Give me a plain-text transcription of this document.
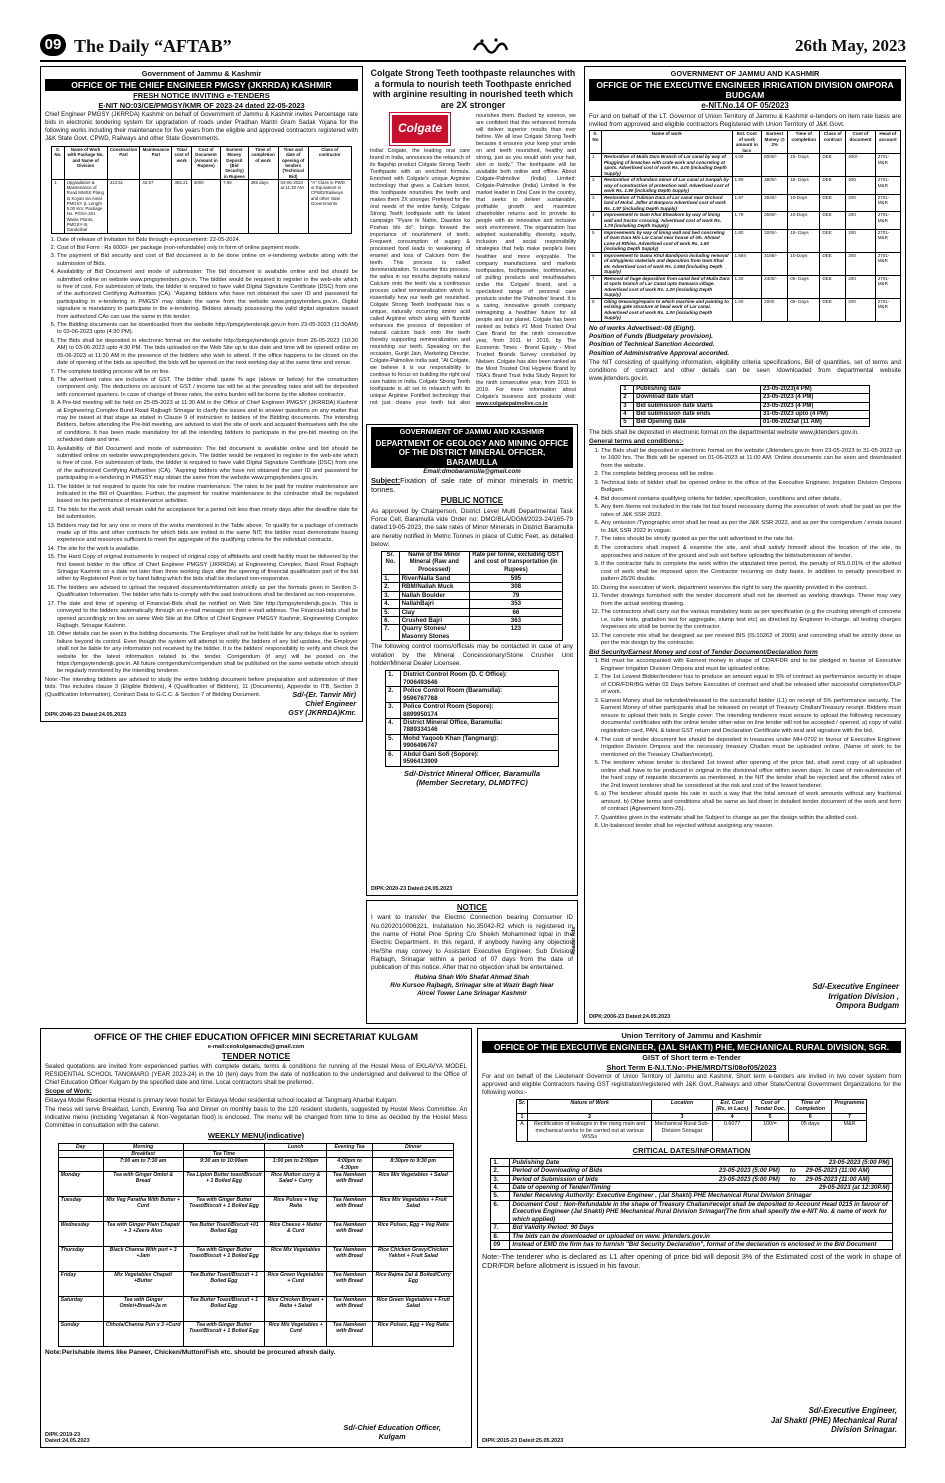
09 The Daily “AFTAB”	26th May, 2023
Government of Jammu & Kashmir
OFFICE OF THE CHIEF ENGINEER PMGSY (JKRRDA) KASHMIR
FRESH NOTICE INVITING e-TENDERS
E-NIT NO:03/CE/PMGSY/KMR OF 2023-24 dated 22-05-2023

Chief Engineer PMGSY (JKRRDA) Kashmir on behalf of Government of Jammu & Kashmir invites Percentage rate bids in electronic tendering system for upgradation of roads under Pradhan Mantri Gram Sadak Yojana for the following works including their maintenance for five years from the eligible and approved contractors registered with J&K State Govt. CPWD, Railways and other State Governments.

S. No.	Name of Work with Package No. and Name of Division	Construction Part	Maintenance Part	Total cost of work	Cost of Document (Amount in Rupees)	Earnest Money Deposit (Bid Security) in Rupees	Time of completion of work	Time and date of opening of tenders (Technical Bid)	Class of contractor
1	Upgradation & Maintenance of Road MMSS Plang to Koyan via Amal PMGSY (L Length 5.00 Km; Package No. PGSA-401 Waste Plants, PMGSY-III, Ganderbal	313.51	42.67	356.21	6000	7.96	365 days	03-06-2023 at 11:30 AM	“A” Class in PWD or Equivalent in CPWD/Railways and other state Governments
1. Date of release of Invitation for Bids through e-procurement: 22-05-2024.
2. Cost of Bid Form : Rs 6000/- per package (non-refundable) only in form of online payment mode.
3. The payment of Bid security and cost of Bid document is to be done online on e-tendering website along with the submission of Bids.
4. Availability of Bid Document and mode of submission: The bid document is available online and bid should be submitted online on website www.pmgsytenders.gov.in. The bidder would be required to register in the web-site which is free of cost. For submission of bids, the bidder is required to have valid Digital Signature Certificate (DSC) from one of the authorized Certifying Authorities (CA). “Aspiring bidders who have not obtained the user ID and password for participating in e-tendering in PMGSY may obtain the same from the website www.pmgsytenders.gov.in. Digital signature is mandatory to participate in the e-tendering. Bidders already possessing the valid digital signature issued from authorized CAs can use the same in this tender.
5. The Bidding documents can be downloaded from the website http://pmgsytendersjk.gov.in from 23-05-2023 (11:30AM) to 03-06-2023 upto (4:30 PM).
6. The Bids shall be deposited in electronic format on the website http://pmgsytendersjk.gov.in from 26-05-2023 (10:30 AM) to 03-06-2023 upto 4:30 PM. The bids uploaded on the Web Site up to due date and time will be opened online on 05-06-2023 at 11:30 AM in the presence of the bidders who wish to attend. If the office happens to be closed on the date of opening of the bids as specified, the bids will be opened on the next working day at the same time and venue.
7. The complete bidding process will be on line.
8. The advertised rates are inclusive of GST. The bidder shall quote % age (above or below) for the construction component only. The deductions on account of GST / income tax will be at the prevailing rates and will be deposited with concerned quarters. In case of change of these rates, the extra burden will be borne by the allottee contractor.
9. A Pre-bid meeting will be held on 25-05-2023 at 11:30 AM in the Office of Chief Engineer PMGSY (JKRRDA) Kashmir at Engineering Complex Bund Road Rajbagh Srinagar to clarify the issues and to answer questions on any matter that may be raised at that stage as stated in Clause 9 of instruction to bidders of the Bidding documents. The intending Bidders, before attending the Pre-bid meeting, are advised to visit the site of work and acquaint themselves with the site of conditions. It has been made mandatory for all the intending bidders to participate in the pre-bid meeting on the scheduled date and time.
10. Availability of Bid Document and mode of submission: The bid document is available online and bid should be submitted online on website www.pmgsytenders.gov.in. The bidder would be required to register in the web-site which is free of cost. For submission of bids, the bidder is required to have valid Digital Signature Certificate (DSC) from one of the authorized Certifying Authorities (CA). “Aspiring bidders who have not obtained the user ID and password for participating in e-tendering in PMGSY may obtain the same from the website www.pmgsytenders.gov.in.
11. The bidder is not required to quote his rate for routine maintenance. The rates to be paid for routine maintenance are indicated in the Bill of Quantities. Further, the payment for routine maintenance to the contractor shall be regulated based on his performance of maintenance activities.
12. The bids for the work shall remain valid for acceptance for a period not less than ninety days after the deadline date for bid submission.
13. Bidders may bid for any one or more of the works mentioned in the Table above. To qualify for a package of contracts made up of this and other contracts for which bids are invited in the same NIT, the bidder must demonstrate having experience and resources sufficient to meet the aggregate of the qualifying criteria for the individual contracts.
14. The site for the work is available.
15. The Hard Copy of original instruments in respect of original copy of affidavits and credit facility must be delivered by the first lowest bidder in the office of Chief Engineer PMGSY (JKRRDA) at Engineering Complex, Bund Road Rajbagh Srinagar Kashmir on a date not later than three working days after the opening of financial qualification part of the bid either by Registered Post or by hand failing which the bids shall be declared non-responsive.
16. The bidders are advised to upload the required documents/information strictly as per the formats given in Section 3-Qualification Information. The bidder who fails to comply with the said instructions shall be declared as non-responsive.
17. The date and time of opening of Financial-Bids shall be notified on Web Site http://pmgsytendersjk.gov.in. This is conveyed to the bidders automatically through an e-mail message on their e-mail address. The Financial-bids shall be opened accordingly on line on same Web Site at the Office of Chief Engineer PMGSY Kashmir, Engineering Complex Rajbagh, Srinagar Kashmir.
18. Other details can be seen in the bidding documents. The Employer shall not be held liable for any delays due to system failure beyond its control. Even though the system will attempt to notify the bidders of any bid updates, the Employer shall not be liable for any information not received by the bidder. It is the bidders' responsibility to verify and check the website for the latest information related to the tender. Corrigendum (if any) will be posted on the https://pmgsytendersjk.gov.in. All future corrigendum/corrigendum shall be published on the same website which should be regularly monitored by the intending tenderer.

Note:-The intending bidders are advised to study the entire bidding document before preparation and submission of their bids. This includes clause 3 (Eligible Bidders), 4 (Qualification of Bidders), 11 (Documents), Appendix to ITB, Section 3 (Qualification Information), Contract Data to G.C.C. & Section 7 of Bidding Document.	Sd/-(Er. Tanvir Mir)
Chief Engineer
GSY (JKRRDA)Kmr.
DIPK:2046-23 Dated:24.05.2023
Colgate Strong Teeth toothpaste relaunches with a formula to nourish teeth Toothpaste enriched with arginine resulting in nourished teeth which are 2X stronger
Colgate
India/ Colgate, the leading oral care brand in India, announces the relaunch of its flagship product Colgate Strong Teeth Toothpaste with an enriched formula. Enriched with Colgate's unique Arginine technology that gives a Calcium boost, this toothpaste nourishes the teeth and makes them 2X stronger. Prefered for the oral needs of the entire family, Colgate Strong Teeth toothpaste with its latest campaign "Pyare hi Nahin, Daanton ko Poshan bhi do", brings forward the importance of nourishment of teeth. Frequent consumption of sugary & processed food leads to weakening of enamel and loss of Calcium from the teeth. This process is called demineralization. To counter this process, the saliva in our mouths deposits natural Calcium onto the teeth via a continuous process called remineralization which is essentially how our teeth get nourished. Colgate Strong Teeth toothpaste has a unique, naturally occurring amino acid called Arginine which along with fluoride enhances the process of deposition of natural calcium back onto the teeth thereby supporting remineralization and nourishing our teeth. Speaking on the occasion, Gunjit Jain, Marketing Director, Colgate-Palmolive India said, "At Colgate, we believe it is our responsibility to continue to focus on building the right oral care habits in India. Colgate Strong Teeth toothpaste is all set to relaunch with its unique Arginine Fortified technology that not just cleans your teeth but also nourishes them. Backed by science, we are confident that this enhanced formula will deliver superior results than ever before. We all love Colgate Strong Teeth because it ensures your keep your smile on and teeth nourished, healthy and strong, just as you would wish your hair, skin or body." The toothpaste will be available both online and offline. About Colgate-Palmolive (India) Limited: Colgate-Palmolive (India) Limited is the market leader in Oral Care in the country, that seeks to deliver sustainable, profitable growth and maximize shareholder returns and to provide its people with an innovative and inclusive work environment. The organization has adopted sustainability, diversity, equity, inclusion and social responsibility strategies that help make people's lives healthier and more enjoyable. The company manufactures and markets toothpastes, toothpowder, toothbrushes, oil pulling products and mouthwashes under the 'Colgate' brand, and a specialized range of personal care products under the 'Palmolive' brand. It is a caring, innovative growth company reimagining a healthier future for all people and our planet. Colgate has been ranked as India's #1 Most Trusted Oral Care Brand for the ninth consecutive year, from 2011 to 2019, by The Economic Times - Brand Equity - Most Trusted Brands Survey conducted by Nielsen. Colgate has also been ranked as the Most Trusted Oral Hygiene Brand by TRA's Brand Trust India Study Report for the ninth consecutive year, from 2011 to 2019. For more information about Colgate's business and products visit: www.colgatepalmolive.co.in
GOVERNMENT OF JAMMU AND KASHMIR
DEPARTMENT OF GEOLOGY AND MINING OFFICE OF THE DISTRICT MINERAL OFFICER, BARAMULLA
Email:dmobaramulla@gmail.com

Subject:Fixation of sale rate of minor minerals in metric tonnes.

PUBLIC NOTICE

As approved by Chairperson, District Level Multi Departmental Task Force Cell, Baramulla vide Order no: DMO/BLA/DGM/2023-24/165-79 dated:19-05-2023, the sale rates of Minor Minerals in District Baramulla are hereby notified in Metric Tonnes in place of Cubic Feet, as detailed below:

Sr. No.	Name of the Minor Mineral (Raw and Processed)	Rate per tonne, excluding GST and cost of transportation (in Rupees)
1.	River/Nalla Sand	595
2.	RBM/Nallah Muck	308
3.	Nallah Boulder	79
4.	NallahBajri	353
5.	Clay	66
6.	Crushed Bajri	363
7.	Quarry Stones/ Masonry Stones	123

The following control rooms/officials may be contacted in case of any violation by the Mineral Concessionary/Stone Crusher Unit holder/Mineral Dealer Licensee.

1.	District Control Room (D. C Office):
7006493646

2.	Police Control Room (Baramulla):
9596767768

3.	Police Control Room (Sopore):
8899950174

4.	District Mineral Office, Baramulla:
7889334146

5.	Mohd Yaqoob Khan (Tangmarg):
9906496747

6.	Abdul Gani Sofi (Sopore):
9596413909
Sd/-District Mineral Officer, Baramulla
(Member Secretary, DLMDTFC)
DIPK:2020-23 Dated:24.05.2023
NOTICE

I want to transfer the Electric Connection bearing Consumer ID No.0202010006321, Installation No.35042-R2 which is registered in the name of Hotel Pine Spring C/o Sheikh Mohammed Iqbal in the Electric Department. In this regard, If anybody having any objection He/She may convey to Assistant Executive Engineer, Sub Division Rajbagh, Srinagar within a period of 07 days from the date of publication of this notice. After that no objection shall be entertained.

Rubina Shah W/o Shafat Ahmad Shah
R/o Kursoo Rajbagh, Srinagar site at Wazir Bagh Near
Aircel Tower Lane Srinagar Kashmir
Reader Ads
GOVERNMENT OF JAMMU AND KASHMIR
OFFICE OF THE EXECUTIVE ENGINEER IRRIGATION DIVISION OMPORA BUDGAM
e-NIT.No.14 OF 05/2023

For and on behalf of the LT. Governor of Union Territory of Jammu & Kashmir e-tenders on item rate basis are invited from approved and eligible contractors Registered with Union Territory of J&K Govt.

S. No	Name of work	Est. Cost of work amount in lacs	Earnest Money @ 2%	Time of completion	Class of contract	Cost of document	Head of account
1	Restoration of Mulla Dara Branch of Lar canal by way of Plugging of breaches with crate work and concreting at spots. Advertised cost of work Rs. 4.00 (including Depth Supply)	4.00	8000/-	15- Days	DEE	400/-	2701-M&R
2	Restoration of Khandara minor of Lar canal at Sonpah by way of construction of protection wall. Advertised cost of work Rs. 1.90 (including Depth Supply)	1.90	3800/-	15- Days	DEE	200	2701-M&R
3	Restoration of Tuliman Dara of Lar canal near Orchard land of Mohd. Jaffer at Banpora Advertised cost of work Rs. 1.97 (including Depth Supply)	1.97	3940/-	10-Days	DEE	200	2701-M&R
4	Improvement to Gam Khul Ehwakore by way of lining wall and tractor crossing. Advertised cost of work Rs. 1.79 (including Depth Supply)	1.79	3580/-	10-Days	DEE	200	2701-M&R
5	Improvements by way of lining wall and bed concreting of Gam Dara M/o Lar Canal near house of Gh. Ahmad Lone at Rthina. Advertised cost of work Rs. 1.60 (including Depth Supply)	1.60	3200/-	15- Days	DEE	200	2701-M&R
6	Improvement to Gama Khul Bandipora including removal of unhygienic materials and deposition from Gam Khul etc Advertised cost of work Rs. 1.594 (including Depth Supply)	1.594	3188/-	10-Days	DEE	200	2701-M&R
7	Removal of huge deposition from canal bed of Mulla Dara at spots branch of Lar Canal upto Damaara village. Advertised cost of work Rs. 1.20 (including Depth Supply)	1.20	2400/-	05- Days	DEE	200	2701-M&R
8	Oiling Greasing/repairs to which machine and painting to existing gate structure at head work of Lar canal. Advertised cost of work Rs. 1.00 (including Depth Supply)	1.00	2000	05- Days	DEE	200	2701-M&R
No of works Advertised:-08 (Eight).
Position of Funds (Budgetary provision).
Position of Technical Sanction Accorded.
Position of Administrative Approval accorded.

The NIT consisting of qualifying information, eligibility criteria specifications, Bill of quantities, set of terms and conditions of contract and other details can be seen /downloaded from departmental website www.jktenders.gov.in.

1	Publishing date	23-05-2023(4 PM)
2	Download date start	23-05-2023 (4 PM)
3	Bid submission date starts	23-05-2023 (4 PM)
4	Bid submission date ends	31-05-2023 upto (4 PM)
5	Bid Opening date	01-06-2023at (11 AM)

The bids shall be deposited in electronic format on the departmental website www.jktenders.gov.in.

General terms and conditions:-
1. The Bids shall be deposited in electronic format on the website (Jktenders.gov.in from 23-05-2023 to 31-05-2023 up to 1600 hrs. The Bids will be opened on 01-06-2023 at 11:00 AM. Online documents can be seen and downloaded from the website.
2. The complete bidding process will be online.
3. Technical bids of bidder shall be opened online in the office of the Executive Engineer, Irrigation Division Ompora Budgam.
4. Bid document contains qualifying criteria for bidder, specification, conditions and other details.
5. Any item /items not included in the rate list but found necessary during the execution of work shall be paid as per the rates of J&K SSR 2022.
6. Any omission /Typographic error shall be read as per the J&K SSR 2022, and as per the corrigendum / errata issued to J&K SSR 2022 in vogue.
7. The rates should be strictly quoted as per the unit advertised in the rate list.
8. The contractors shall inspect & examine the site, and shall satisfy himself about the location of the site, its approaches and nature of the ground and sub soil before uploading the bids/submission of tender.
9. If the contractor fails to complete the work within the stipulated time period, the penalty of RS.0.01% of the allotted cost of work shall be imposed upon the Contractor recurring on daily basis. In addition to penalty prescribed in pattern 25/26 double.
10. During the execution of work, department reserves the right to vary the quantity provided in the contract.
11. Tender drawings furnished with the tender document shall not be deemed as working drawings. These may vary from the actual working drawing.
12. The contractors shall carry out the various mandatory tests as per specification (e.g the crushing strength of concrete i.e. cube tests, gradation test for aggregate, slump test etc) as directed by Engineer In-charge. all testing charges /expenses etc shall be borne by the contractor.
13. The concrete mix shall be designed as per revised BIS (IS:10262 of 2009) and concreting shall be strictly done as per the mix design by the contractor.
Bid Security/Earnest Money and cost of Tender Document/Declaration form
1. Bid must be accompanied with Earnest money in shape of CDR/FDR and to be pledged in favour of Executive Engineer Irrigation Division Ompora and must be uploaded online.
2. The 1st Lowest Bidder/tenderer has to produce an amount equal to 5% of contract as performance security in shape of CDR/FDR/BG within 02 Days before Execution of contract and shall be released after successful completion/DLP of work.
3. Earnest Money shall be refunded/released to the successful bidder (L1) on receipt of 5% performance security. The Earnest Money of other participants shall be released on receipt of Treasury Challan/Treasury receipt. Bidders must ensure to upload their bids in Single cover: The intending tenderers must ensure to upload the following necessary documents/ certificates with the online tender other-wise on line tender will not be accepted / opened. a) copy of valid registration card, PAN, & latest GST return and Declaration Certificate with seal and signature with the bid.
4. The cost of tender document fee should be deposited in treasures under MH-0702 in favour of Executive Engineer Irrigation Division Ompora and the necessary treasury Challan must be uploaded online. (Name of work to be mentioned on the Treasury Challan/receipt).
5. The tenderer whose tender is declared 1st lowest after opening of the price bid, shall send copy of all uploaded online shall have to be produced in original in the divisional office within seven days. In case of non-submission of the hard copy of requisite documents as mentioned, in the NIT the tender shall be rejected and the offered rates of the 2nd lowest tenderer shall be considered at the risk and cost of the lowest tenderer.
6. a) The tenderer should quote his rate in such a way that the total amount of work amounts without any fractional amount. b) Other terms and conditions shall be same as laid down in detailed tender document of the work and form of contract (Agreement form-25).
7. Quantities given in the estimate shall be Subject to change as per the design within the allotted cost.
8. Un-balanced tender shall be rejected without assigning any reason.
Sd/-Executive Engineer
Irrigation Division ,
Ompora Budgam
DIPK:2006-23 Dated:24.05.2023
OFFICE OF THE CHIEF EDUCATION OFFICER MINI SECRETARIAT KULGAM
e-mail:ceokulgamacds@gmail.com
TENDER NOTICE

Sealed quotations are invited from experienced parties with complete details, terms & conditions for running of the Hostel Mess of EKLAVYA MODEL RESIDENTIAL SCHOOL TANGMARG (YEAR 2023-24) in the 10 (ten) days from the date of notification to the undersigned and delivered to the Office of Chief Education Officer Kulgam by the specified date and time. Local contractors shall be preferred.

Scope of Work:

Eklavya Model Residential Hostel is primary level hostel for Eklavya Model residential school located at Tangmarg Aharbal Kulgam.

The mess will serve Breakfast, Lunch, Evening Tea and Dinner on monthly basis to the 120 resident students, suggested by Hostel Mess Committee. An indicative menu (including Vegetarian & Non-Vegetarian food) is enclosed. The menu will be changed from time to time as decided by the Hostel Mess Committee in consultation with the caterer.

WEEKLY MENU(indicative)
Day	Morning		Lunch	Evening Tea	Dinner
	Breakfast	Tea Time			
	7:00 am to 7:30 am	9:30 am to 10:00am	1:00 pm to 2:00pm	4:00pm to 4:30pm	8:30pm to 9:30 pm
Monday	Tea with Ginger Omlet & Bread	Tea Lipton Butter toast/Biscuit + 1 Boiled Egg	Rice Mutton curry & Salad + Curry	Tea Namkeen with Bread	Rice Mix Vegetables + Salad
Tuesday	Mix Veg Paratha With Butter + Curd	Tea with Ginger Butter Toast/Biscuit + 1 Boiled Egg	Rice Pulses + Veg Raita	Tea Namkeen with Bread	Rice Mix Vegetables + Fruit Salad
Wednesday	Tea with Ginger Plain Chapati + 3 +Zeera Aloo	Tea Butter Toast/Biscuit +01 Boiled Egg	Rice Cheese + Matter & Curd	Tea Namkeen with Bread	Rice Pulses, Egg + Veg Raita
Thursday	Black Channa With puri + 3 +Jam	Tea with Ginger Butter Toast/Biscuit + 1 Boiled Egg	Rice Mix Vegetables	Tea Namkeen with Bread	Rice Chicken Gravy/Chicken Yakhni + Fruit Salad
Friday	Mix Vegetables Chapati +Butter	Tea Butter Toast/Biscuit + 1 Boiled Egg	Rice Green Vegetables + Curd	Tea Namkeen with Bread	Rice Rajma Dal & Boiled/Curry Egg
Saturday	Tea with Ginger Omlet+Bread+Ja m	Tea Butter Toast/Biscuit + 1 Boiled Egg	Rice Chicken Biryani + Raita + Salad	Tea Namkeen with Bread	Rice Green Vegetables + Fruit Salad
Sunday	Chhola/Channa Puri x 3 +Curd	Tea with Ginger Butter Toast/Biscuit + 1 Boiled Egg	Rice Mix Vegetables + Curd	Tea Namkeen with Bread	Rice Pulses, Egg + Veg Raita
Note:Perishable items like Paneer, Chicken/Mutton/Fish etc. should be procured afresh daily.
Sd/-Chief Education Officer,
Kulgam
DIPK:2019-23
Dated:24.05.2023
Union Territory of Jammu and Kashmir
OFFICE OF THE EXECUTIVE ENGINEER, (JAL SHAKTI) PHE, MECHANICAL RURAL DIVISION, SGR.
GIST of Short term e-Tender
Short Term E-N.I.T.No:-PHE/MRD/TS/08of05/2023

For and on behalf of the Lieutenant Governor of Union Territory of Jammu and Kashmir, Short term e-tenders are invited in two cover system from approved and eligible Contractors having GST registration/registered with J&K Govt.,Railways and other State/Central Government Organizations for the following works:-

Sr.	Nature of Work	Location	Est. Cost (Rs. in Lacs)	Cost of Tender Doc.	Time of Completion	Programme
1	2	3	4	5	6	7
A	Rectification of leakages in the rising main and mechanical works to be carried out at various WSSs	Mechanical Rural Sub-Division Srinagar	0.6077	100/=	05 days	M&R
CRITICAL DATES/INFORMATION
1.	Publishing Date 23-05-2023 (5:00 PM)

2.	Period of Downloading of Bids 23-05-2023 (5:00 PM) to 29-05-2023 (11:00 AM)

3.	Period of Submission of bids 23-05-2023 (5:00 PM) to 29-05-2023 (11:00 AM)

4.	Date of opening of Tender/Timing 29-05-2023 (at 12:30P.M)

5.	Tender Receiving Authority: Executive Engineer , (Jal Shakti) PHE Mechanical Rural Division Srinagar
6.	Document Cost : Non-Refundable in the shape of Treasury Challan/receipt shall be deposited to Account Head 0215 in favour of Executive Engineer (Jal Shakti) PHE Mechanical Rural Division Srinagar(The firm shall specify the e-NIT No. & name of work for which applied)
7.	Bid Validity Period: 90 Days
8.	The bids can be downloaded or uploaded on www. jktenders.gov.in
09	Instead of EMD the firm has to furnish "Bid Security Declaration", format of the declaration is enclosed in the Bid Document

Note:-The tenderer who is declared as L1 after opening of price bid will deposit 3% of the Estimated cost of the work in shape of CDR/FDR before allotment is issued in his favour.

Sd/-Executive Engineer,
Jal Shakti (PHE) Mechanical Rural
Division Srinagar.
DIPK:2015-23 Dated:25.05.2023
